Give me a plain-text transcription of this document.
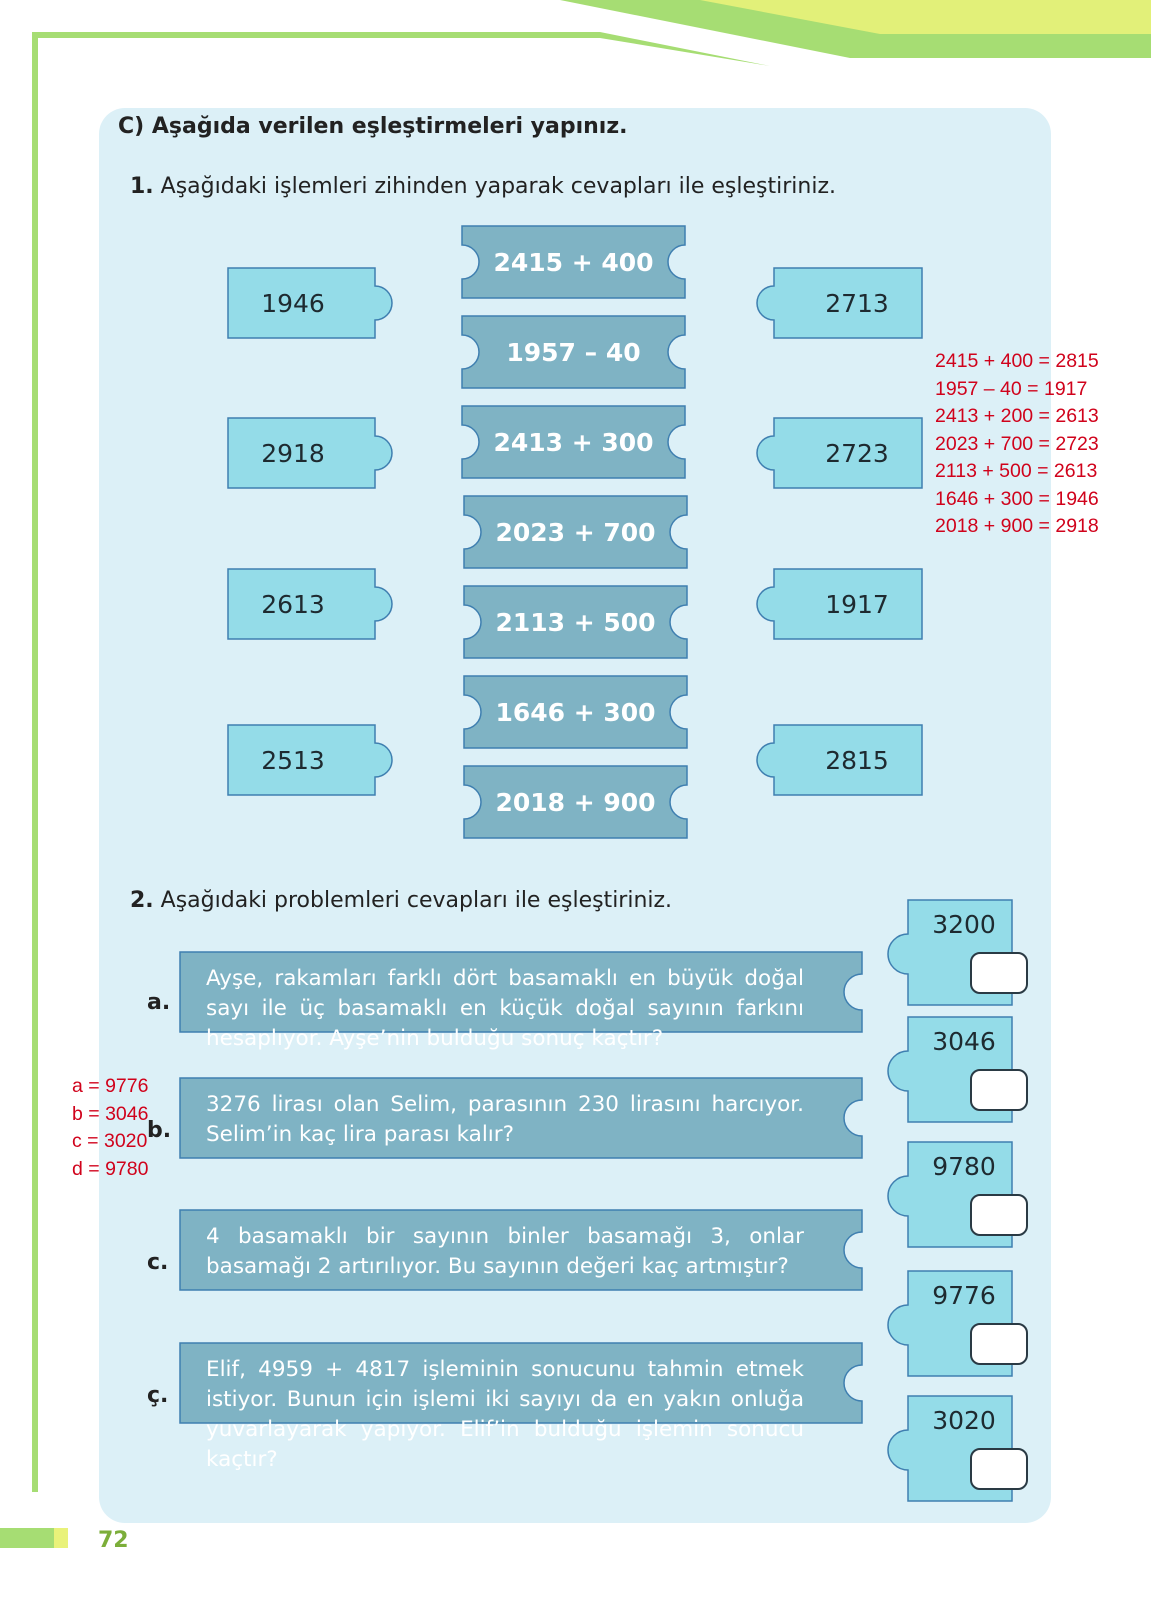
C) Aşağıda verilen eşleştirmeleri yapınız.
1. Aşağıdaki işlemleri zihinden yaparak cevapları ile eşleştiriniz.
1946
2918
2613
2513
2415 + 400
1957 – 40
2413 + 300
2023 + 700
2113 + 500
1646 + 300
2018 + 900
2713
2723
1917
2815
2. Aşağıdaki problemleri cevapları ile eşleştiriniz.
a.
Ayşe, rakamları farklı dört basamaklı en büyük doğal sayı ile üç basamaklı en küçük doğal sayının farkını hesaplıyor. Ayşe’nin bulduğu sonuç kaçtır?
b.
3276 lirası olan Selim, parasının 230 lirasını harcıyor. Selim’in kaç lira parası kalır?
c.
4 basamaklı bir sayının binler basamağı 3, onlar basamağı 2 artırılıyor. Bu sayının değeri kaç artmıştır?
ç.
Elif, 4959 + 4817 işleminin sonucunu tahmin etmek istiyor. Bunun için işlemi iki sayıyı da en yakın onluğa yuvarlayarak yapıyor. Elif’in bulduğu işlemin sonucu kaçtır?
3200
3046
9780
9776
3020
2415 + 400 = 2815
1957 – 40 = 1917
2413 + 200 = 2613
2023 + 700 = 2723
2113 + 500 = 2613
1646 + 300 = 1946
2018 + 900 = 2918
a = 9776
b = 3046
c = 3020
d = 9780
72
